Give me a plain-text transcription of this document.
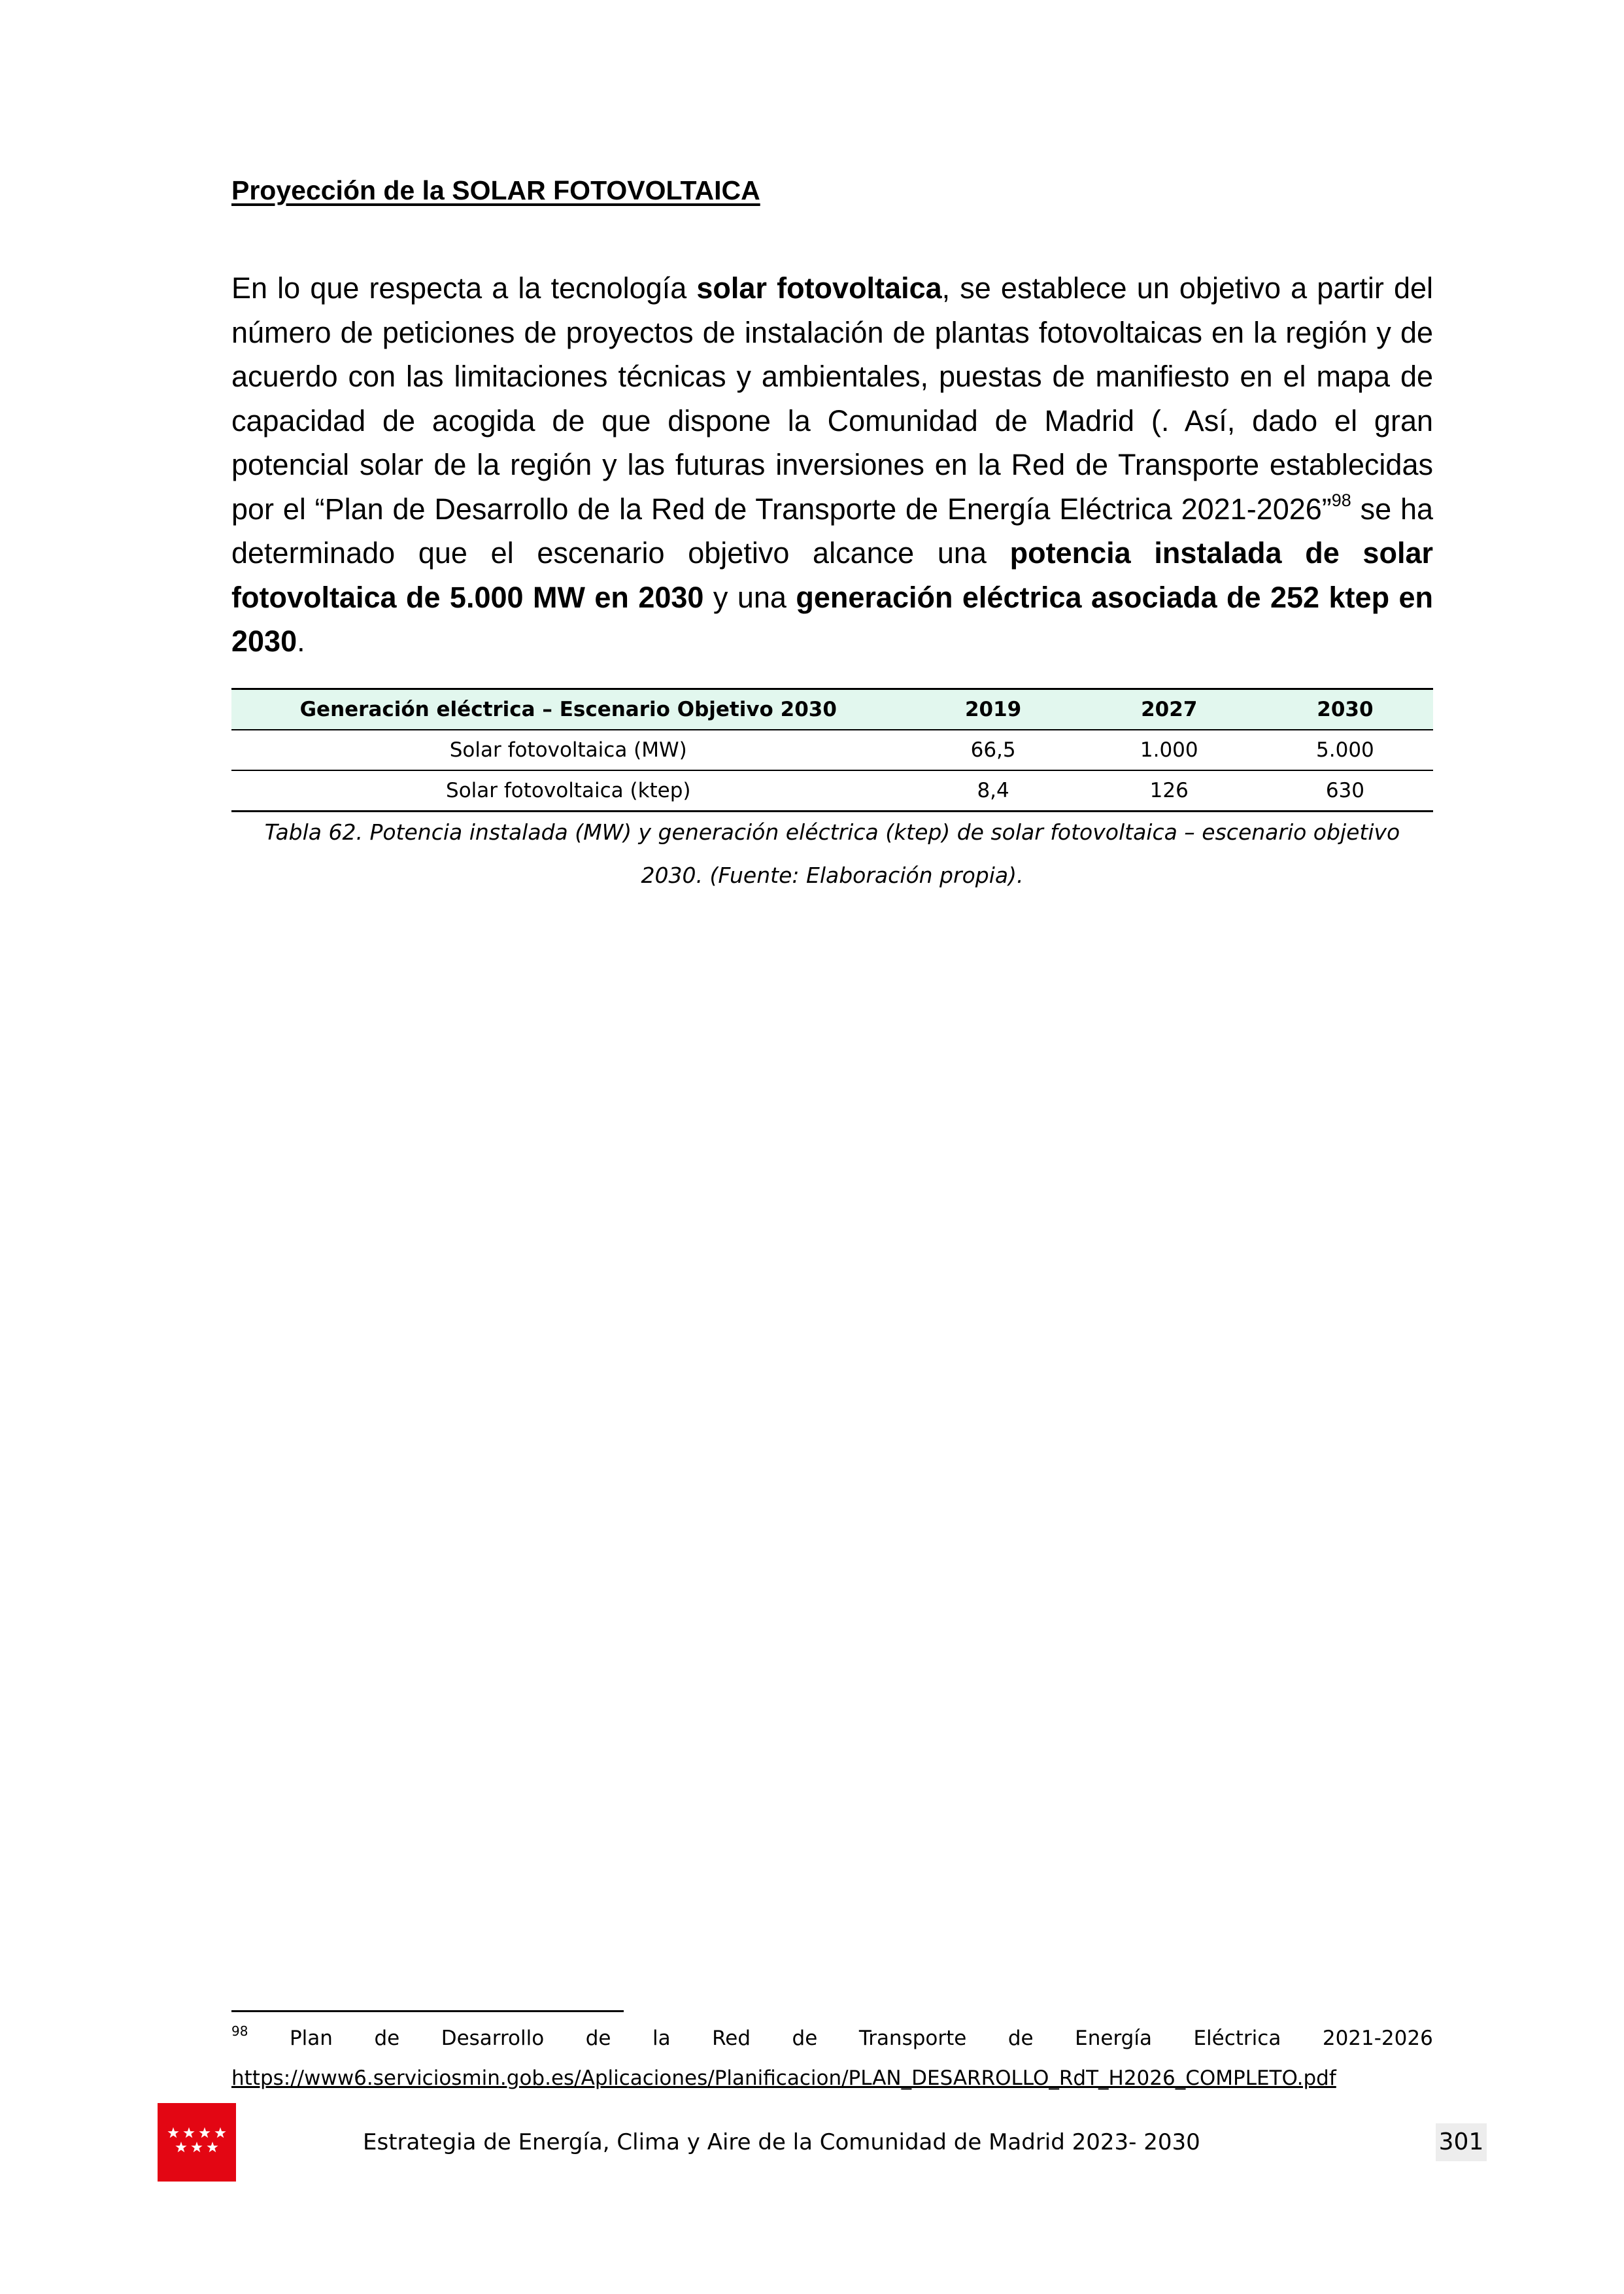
Proyección de la SOLAR FOTOVOLTAICA

En lo que respecta a la tecnología solar fotovoltaica, se establece un objetivo a partir del número de peticiones de proyectos de instalación de plantas fotovoltaicas en la región y de acuerdo con las limitaciones técnicas y ambientales, puestas de manifiesto en el mapa de capacidad de acogida de que dispone la Comunidad de Madrid (. Así, dado el gran potencial solar de la región y las futuras inversiones en la Red de Transporte establecidas por el “Plan de Desarrollo de la Red de Transporte de Energía Eléctrica 2021-2026”$^{98}$ se ha determinado que el escenario objetivo alcance una potencia instalada de solar fotovoltaica de 5.000 MW en 2030 y una generación eléctrica asociada de 252 ktep en 2030.

Generación eléctrica – Escenario Objetivo 2030	2019	2027	2030
Solar fotovoltaica (MW)	66,5	1.000	5.000
Solar fotovoltaica (ktep)	8,4	126	630

Tabla 62. Potencia instalada (MW) y generación eléctrica (ktep) de solar fotovoltaica – escenario objetivo 2030. (Fuente: Elaboración propia).

98 Plan de Desarrollo de la Red de Transporte de Energía Eléctrica 2021-2026
https://www6.serviciosmin.gob.es/Aplicaciones/Planificacion/PLAN_DESARROLLO_RdT_H2026_COMPLETO.pdf
Estrategia de Energía, Clima y Aire de la Comunidad de Madrid 2023- 2030	301
